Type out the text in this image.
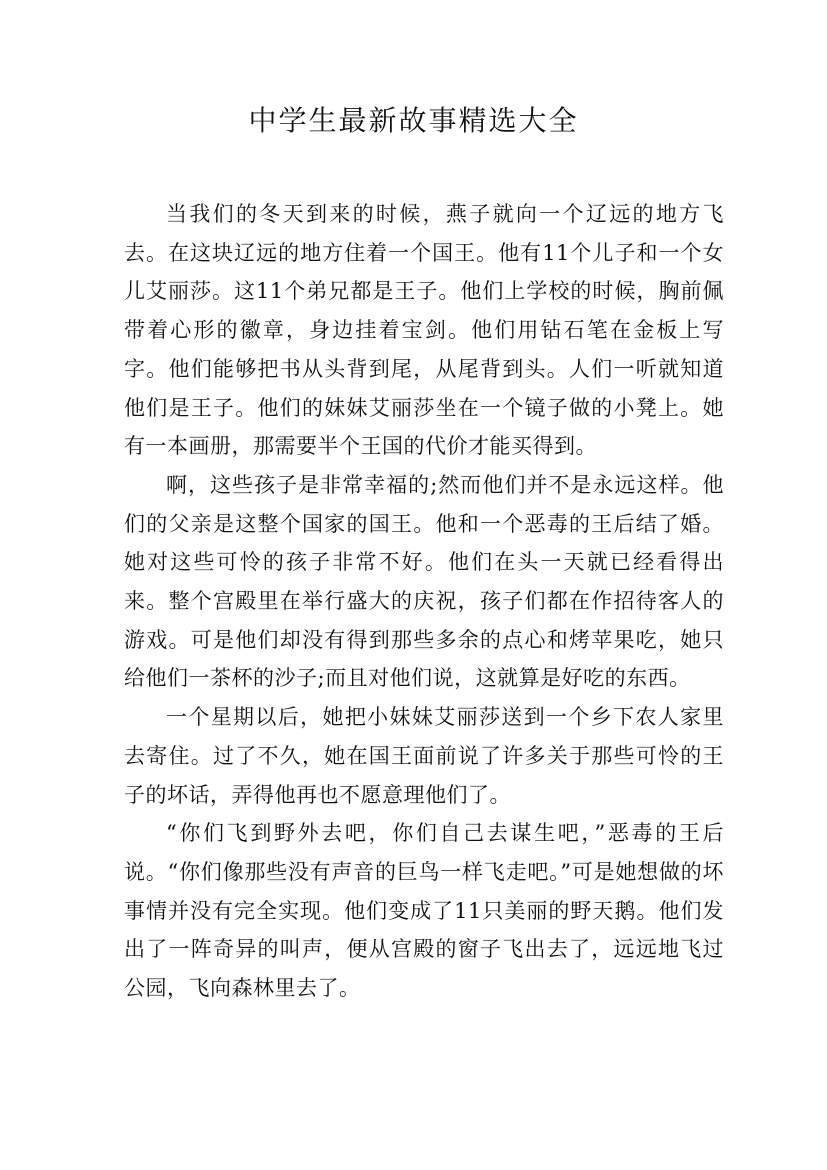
中学生最新故事精选大全

当我们的冬天到来的时候，燕子就向一个辽远的地方飞去。在这块辽远的地方住着一个国王。他有11个儿子和一个女儿艾丽莎。这11个弟兄都是王子。他们上学校的时候，胸前佩带着心形的徽章，身边挂着宝剑。他们用钻石笔在金板上写字。他们能够把书从头背到尾，从尾背到头。人们一听就知道他们是王子。他们的妹妹艾丽莎坐在一个镜子做的小凳上。她有一本画册，那需要半个王国的代价才能买得到。

啊，这些孩子是非常幸福的;然而他们并不是永远这样。他们的父亲是这整个国家的国王。他和一个恶毒的王后结了婚。她对这些可怜的孩子非常不好。他们在头一天就已经看得出来。整个宫殿里在举行盛大的庆祝，孩子们都在作招待客人的游戏。可是他们却没有得到那些多余的点心和烤苹果吃，她只给他们一茶杯的沙子;而且对他们说，这就算是好吃的东西。

一个星期以后，她把小妹妹艾丽莎送到一个乡下农人家里去寄住。过了不久，她在国王面前说了许多关于那些可怜的王子的坏话，弄得他再也不愿意理他们了。

“你们飞到野外去吧，你们自己去谋生吧，”恶毒的王后说。“你们像那些没有声音的巨鸟一样飞走吧。”可是她想做的坏事情并没有完全实现。他们变成了11只美丽的野天鹅。他们发出了一阵奇异的叫声，便从宫殿的窗子飞出去了，远远地飞过公园，飞向森林里去了。
